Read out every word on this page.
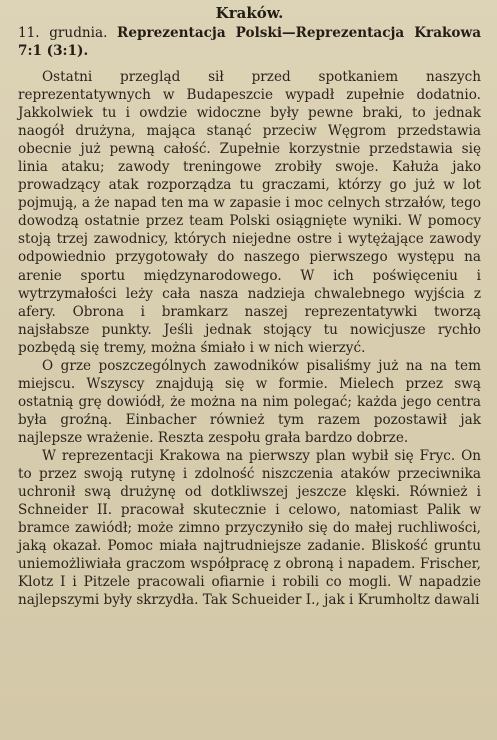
Kraków.
11. grudnia. Reprezentacja Polski—Reprezentacja Krakowa 7:1 (3:1).

Ostatni przegląd sił przed spotkaniem naszych reprezentatywnych w Budapeszcie wypadł zupełnie dodatnio. Jakkolwiek tu i owdzie widoczne były pewne braki, to jednak naogół drużyna, mająca stanąć przeciw Węgrom przedstawia obecnie już pewną całość. Zupełnie korzystnie przedstawia się linia ataku; zawody treningowe zrobiły swoje. Kałuża jako prowadzący atak rozporządza tu graczami, którzy go już w lot pojmują, a że napad ten ma w zapasie i moc celnych strzałów, tego dowodzą ostatnie przez team Polski osiągnięte wyniki. W pomocy stoją trzej zawodnicy, których niejedne ostre i wytężające zawody odpowiednio przygotowały do naszego pierwszego występu na arenie sportu międzynarodowego. W ich poświęceniu i wytrzymałości leży cała nasza nadzieja chwalebnego wyjścia z afery. Obrona i bramkarz naszej reprezentatywki tworzą najsłabsze punkty. Jeśli jednak stojący tu nowicjusze rychło pozbędą się tremy, można śmiało i w nich wierzyć.

O grze poszczególnych zawodników pisaliśmy już na na tem miejscu. Wszyscy znajdują się w formie. Mielech przez swą ostatnią grę dowiódł, że można na nim polegać; każda jego centra była groźną. Einbacher również tym razem pozostawił jak najlepsze wrażenie. Reszta zespołu grała bardzo dobrze.

W reprezentacji Krakowa na pierwszy plan wybił się Fryc. On to przez swoją rutynę i zdolność niszczenia ataków przeciwnika uchronił swą drużynę od dotkliwszej jeszcze klęski. Również i Schneider II. pracował skutecznie i celowo, natomiast Palik w bramce zawiódł; może zimno przyczyniło się do małej ruchliwości, jaką okazał. Pomoc miała najtrudniejsze zadanie. Bliskość gruntu uniemożliwiała graczom współpracę z obroną i napadem. Frischer, Klotz I i Pitzele pracowali ofiarnie i robili co mogli. W napadzie najlepszymi były skrzydła. Tak Schueider I., jak i Krumholtz dawali
